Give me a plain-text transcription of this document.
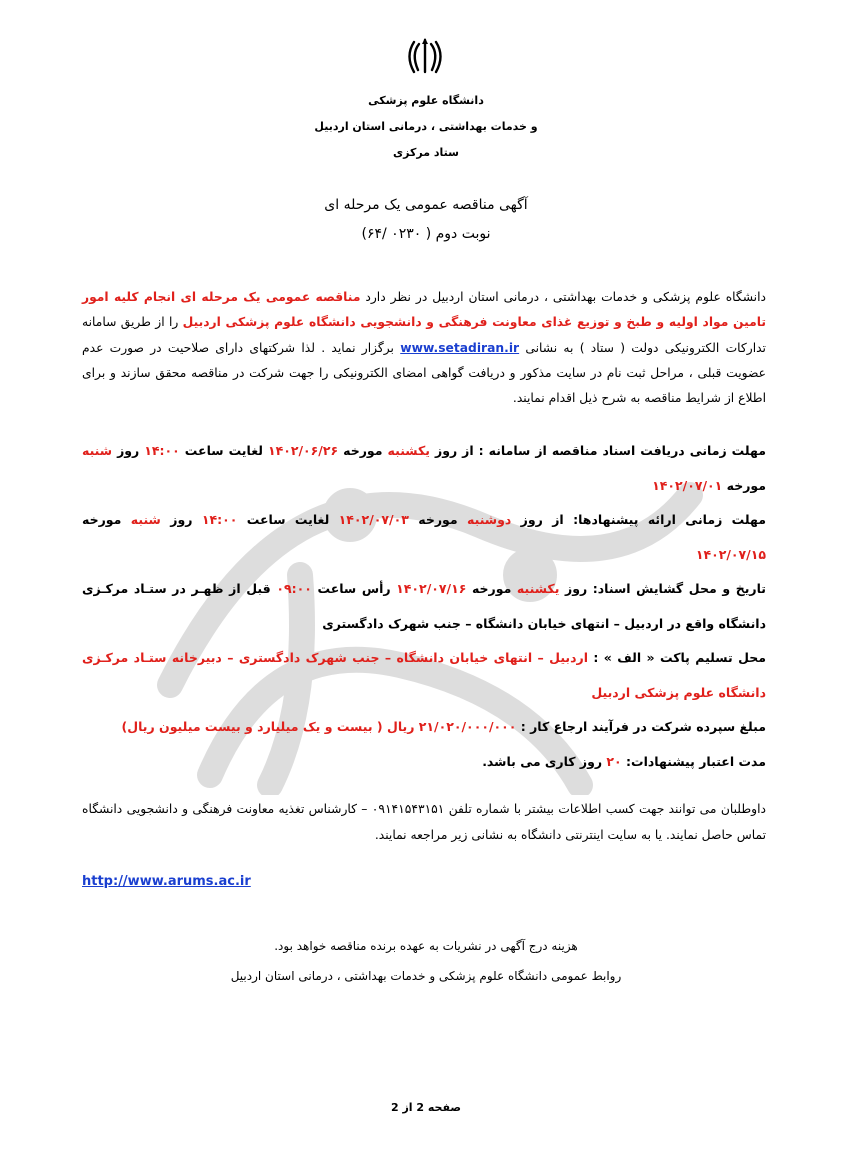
دانشگاه علوم پزشکی
و خدمات بهداشتی ، درمانی استان اردبیل
ستاد مرکزی
آگهی مناقصه عمومی یک مرحله ای
نوبت دوم ( ۰۲۳۰ /۶۴)
دانشگاه علوم پزشکی و خدمات بهداشتی ، درمانی استان اردبیل در نظر دارد مناقصه عمومی یک مرحله ای انجام کلیه امور تامین مواد اولیه و طبخ و توزیع غذای معاونت فرهنگی و دانشجویی دانشگاه علوم پزشکی اردبیل را از طریق سامانه تدارکات الکترونیکی دولت ( ستاد ) به نشانی www.setadiran.ir برگزار نماید . لذا شرکتهای دارای صلاحیت در صورت عدم عضویت قبلی ، مراحل ثبت نام در سایت مذکور و دریافت گواهی امضای الکترونیکی را جهت شرکت در مناقصه محقق سازند و برای اطلاع از شرایط مناقصه به شرح ذیل اقدام نمایند.
مهلت زمانی دریافت اسناد مناقصه از سامانه : از روز یکشنبه مورخه ۱۴۰۲/۰۶/۲۶ لغایت ساعت ۱۴:۰۰ روز شنبه مورخه ۱۴۰۲/۰۷/۰۱
مهلت زمانی ارائه پیشنهادها: از روز دوشنبه مورخه ۱۴۰۲/۰۷/۰۳ لغایت ساعت ۱۴:۰۰ روز شنبه مورخه ۱۴۰۲/۰۷/۱۵
تاریخ و محل گشایش اسناد: روز یکشنبه مورخه ۱۴۰۲/۰۷/۱۶ رأس ساعت ۰۹:۰۰ قبل از ظهـر در ستـاد مرکـزی دانشگاه واقع در اردبیل – انتهای خیابان دانشگاه – جنب شهرک دادگستری
محل تسلیم پاکت « الف » : اردبیل – انتهای خیابان دانشگاه – جنب شهرک دادگستری – دبیرخانه ستـاد مرکـزی دانشگاه علوم پزشکی اردبیل
مبلغ سپرده شرکت در فرآیند ارجاع کار : ۲۱/۰۲۰/۰۰۰/۰۰۰ ریال ( بیست و یک میلیارد و بیست میلیون ریال)
مدت اعتبار پیشنهادات: ۲۰ روز کاری می باشد.
داوطلبان می توانند جهت کسب اطلاعات بیشتر با شماره تلفن ۰۹۱۴۱۵۴۳۱۵۱ – کارشناس تغذیه معاونت فرهنگی و دانشجویی دانشگاه تماس حاصل نمایند. یا به سایت اینترنتی دانشگاه به نشانی زیر مراجعه نمایند.
http://www.arums.ac.ir
هزینه درج آگهی در نشریات به عهده برنده مناقصه خواهد بود.
روابط عمومی دانشگاه علوم پزشکی و خدمات بهداشتی ، درمانی استان اردبیل
صفحه 2 از 2
